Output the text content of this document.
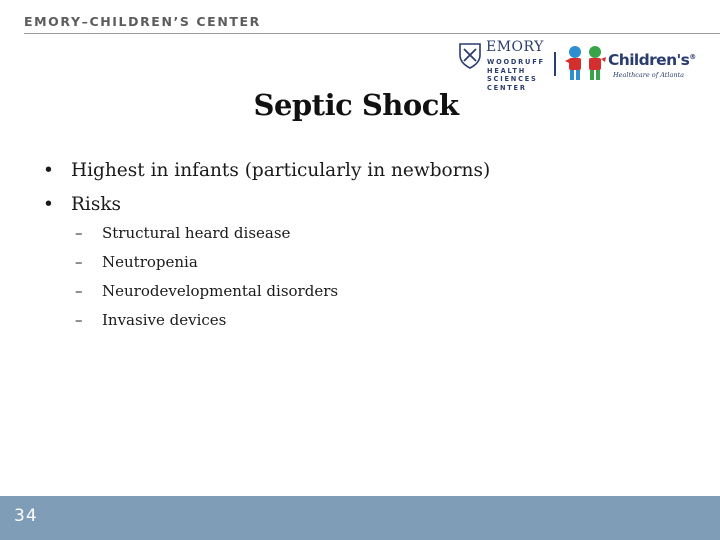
EMORY–CHILDREN’S CENTER
EMORY
WOODRUFF
HEALTH
SCIENCES
CENTER
Children's®
Healthcare of Atlanta
Septic Shock
• Highest in infants (particularly in newborns)
• Risks
– Structural heard disease
– Neutropenia
– Neurodevelopmental disorders
– Invasive devices
34
